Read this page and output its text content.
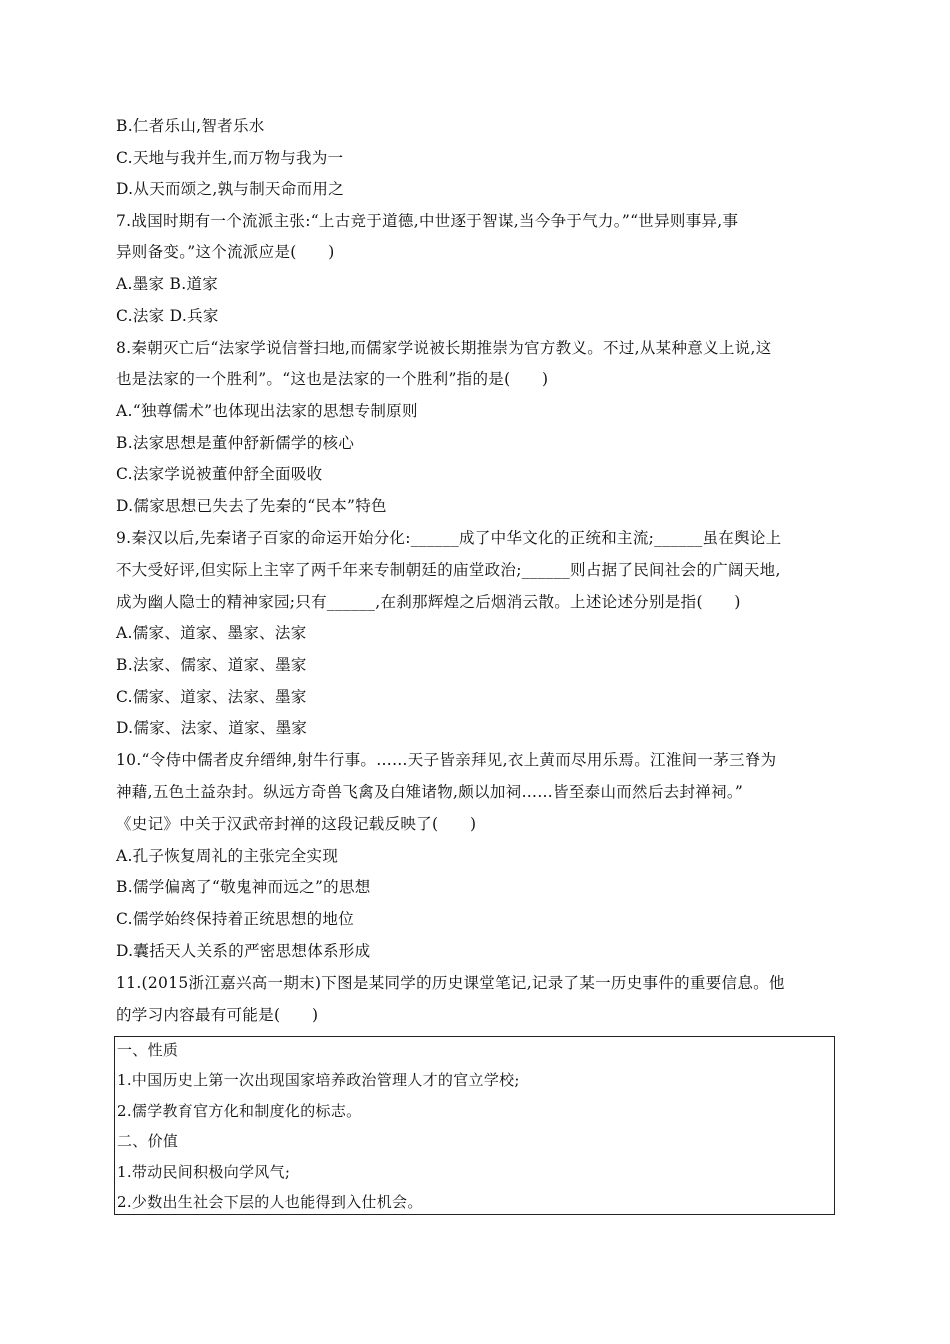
B.仁者乐山,智者乐水
C.天地与我并生,而万物与我为一
D.从天而颂之,孰与制天命而用之
7.战国时期有一个流派主张:“上古竞于道德,中世逐于智谋,当今争于气力。”“世异则事异,事
异则备变。”这个流派应是(　　)
A.墨家 B.道家
C.法家 D.兵家
8.秦朝灭亡后“法家学说信誉扫地,而儒家学说被长期推崇为官方教义。不过,从某种意义上说,这
也是法家的一个胜利”。“这也是法家的一个胜利”指的是(　　)
A.“独尊儒术”也体现出法家的思想专制原则
B.法家思想是董仲舒新儒学的核心
C.法家学说被董仲舒全面吸收
D.儒家思想已失去了先秦的“民本”特色
9.秦汉以后,先秦诸子百家的命运开始分化:______成了中华文化的正统和主流;______虽在舆论上
不大受好评,但实际上主宰了两千年来专制朝廷的庙堂政治;______则占据了民间社会的广阔天地,
成为幽人隐士的精神家园;只有______,在刹那辉煌之后烟消云散。上述论述分别是指(　　)
A.儒家、道家、墨家、法家
B.法家、儒家、道家、墨家
C.儒家、道家、法家、墨家
D.儒家、法家、道家、墨家
10.“令侍中儒者皮弁缙绅,射牛行事。……天子皆亲拜见,衣上黄而尽用乐焉。江淮间一茅三脊为
神藉,五色土益杂封。纵远方奇兽飞禽及白雉诸物,颇以加祠……皆至泰山而然后去封禅祠。”
《史记》中关于汉武帝封禅的这段记载反映了(　　)
A.孔子恢复周礼的主张完全实现
B.儒学偏离了“敬鬼神而远之”的思想
C.儒学始终保持着正统思想的地位
D.囊括天人关系的严密思想体系形成
11.(2015浙江嘉兴高一期末)下图是某同学的历史课堂笔记,记录了某一历史事件的重要信息。他
的学习内容最有可能是(　　)
一、性质
1.中国历史上第一次出现国家培养政治管理人才的官立学校;
2.儒学教育官方化和制度化的标志。
二、价值
1.带动民间积极向学风气;
2.少数出生社会下层的人也能得到入仕机会。
